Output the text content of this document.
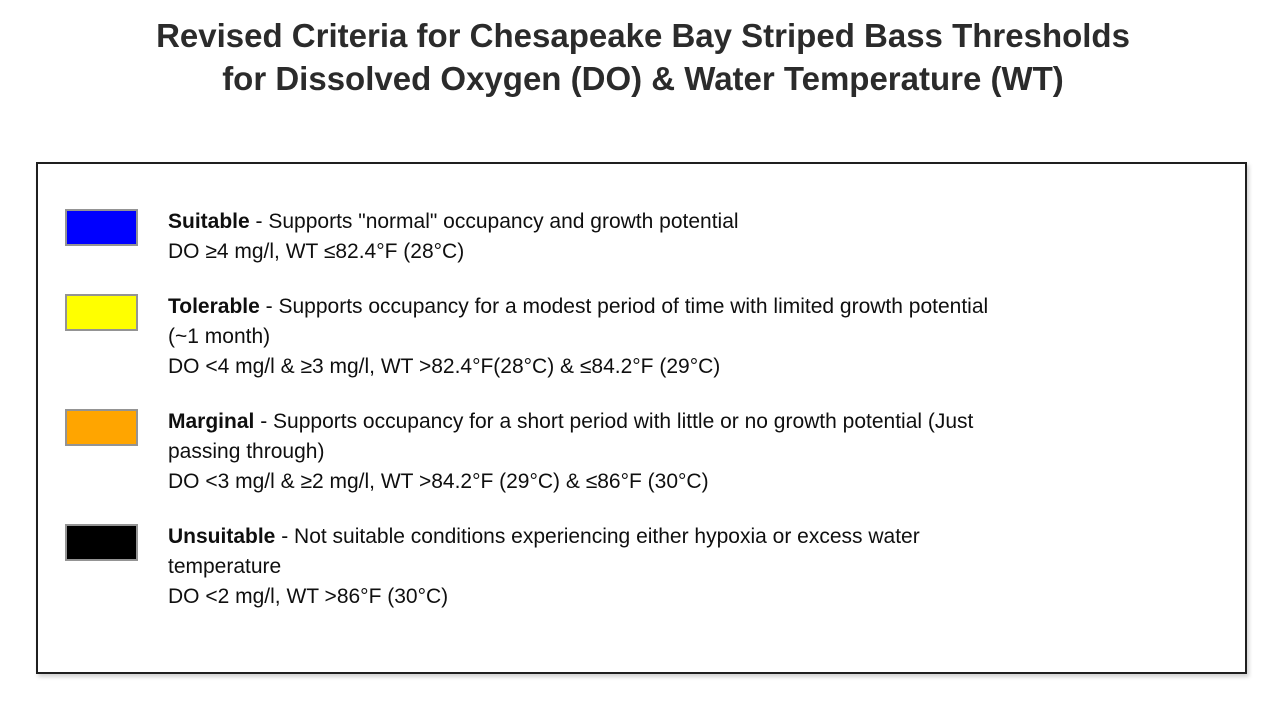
Revised Criteria for Chesapeake Bay Striped Bass Thresholds
for Dissolved Oxygen (DO) & Water Temperature (WT)
Suitable - Supports "normal" occupancy and growth potential
DO ≥4 mg/l, WT ≤82.4°F (28°C)
Tolerable - Supports occupancy for a modest period of time with limited growth potential
(~1 month)
DO <4 mg/l & ≥3 mg/l, WT >82.4°F(28°C) & ≤84.2°F (29°C)
Marginal - Supports occupancy for a short period with little or no growth potential (Just
passing through)
DO <3 mg/l & ≥2 mg/l, WT >84.2°F (29°C) & ≤86°F (30°C)
Unsuitable - Not suitable conditions experiencing either hypoxia or excess water
temperature
DO <2 mg/l, WT >86°F (30°C)
